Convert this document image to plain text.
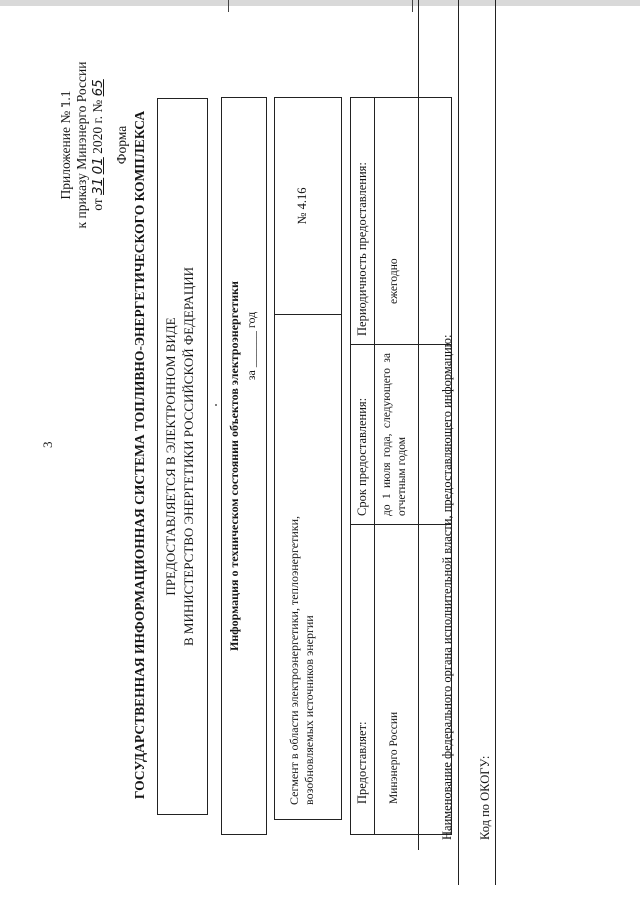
3
Приложение № 1.1 к приказу Минэнерго России от 31 01 2020 г. № 65
Форма ГОСУДАРСТВЕННАЯ ИНФОРМАЦИОННАЯ СИСТЕМА ТОПЛИВНО-ЭНЕРГЕТИЧЕСКОГО КОМПЛЕКСА ПРЕДОСТАВЛЯЕТСЯ В ЭЛЕКТРОННОМ ВИДЕ В МИНИСТЕРСТВО ЭНЕРГЕТИКИ РОССИЙСКОЙ ФЕДЕРАЦИИ	Информация о техническом состоянии объектов электроэнергетики за ______ год
Сегмент в области электроэнергетики, теплоэнергетики, возобновляемых источников энергии
№ 4.16
Предоставляет:	Минэнерго России
Срок предоставления:	до 1 июля года, следующего за отчетным годом
Периодичность предоставления:	ежегодно
Наименование федерального органа исполнительной власти, предоставляющего информацию: Код по ОКОГУ:
